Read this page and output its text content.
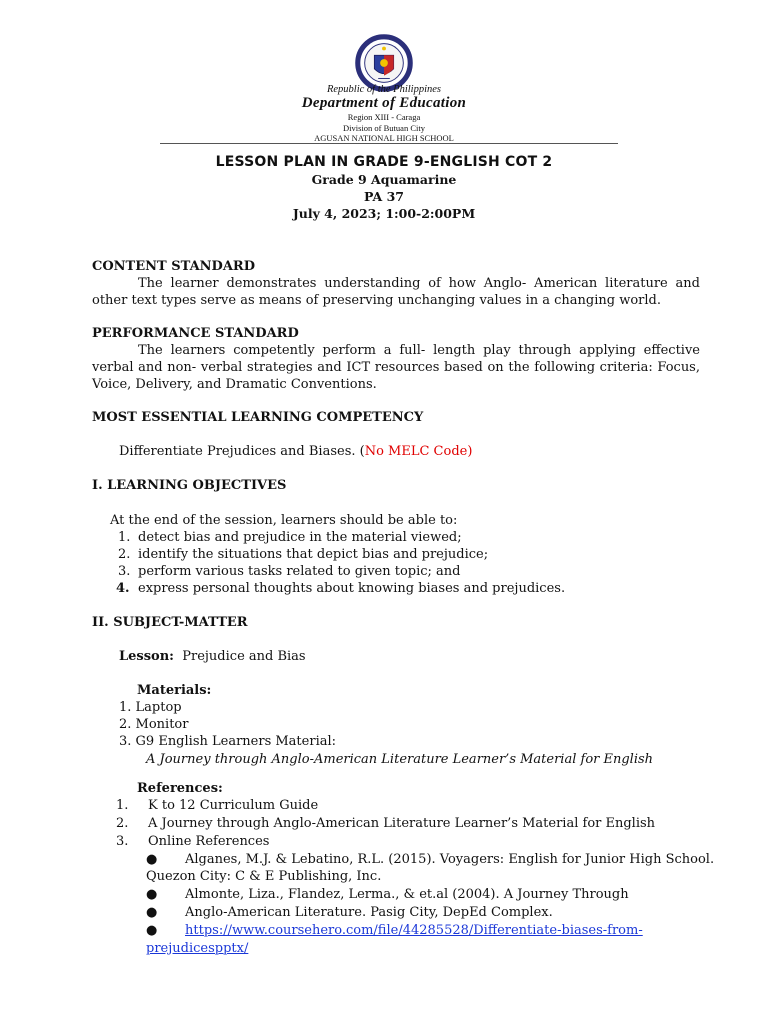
Republic of the Philippines
Department of Education
Region XIII - Caraga
Division of Butuan City
AGUSAN NATIONAL HIGH SCHOOL
LESSON PLAN IN GRADE 9-ENGLISH COT 2
Grade 9 Aquamarine
PA 37
July 4, 2023; 1:00-2:00PM
CONTENT STANDARD
The learner demonstrates understanding of how Anglo- American literature and other text types serve as means of preserving unchanging values in a changing world.
PERFORMANCE STANDARD
The learners competently perform a full- length play through applying effective verbal and non- verbal strategies and ICT resources based on the following criteria: Focus, Voice, Delivery, and Dramatic Conventions.
MOST ESSENTIAL LEARNING COMPETENCY
Differentiate Prejudices and Biases. (No MELC Code)
I. LEARNING OBJECTIVES
At the end of the session, learners should be able to:
1. detect bias and prejudice in the material viewed;
2. identify the situations that depict bias and prejudice;
3. perform various tasks related to given topic; and
4. express personal thoughts about knowing biases and prejudices.
II. SUBJECT-MATTER
Lesson: Prejudice and Bias
Materials:
1. Laptop
2. Monitor
3. G9 English Learners Material:
A Journey through Anglo-American Literature Learner’s Material for English
References:
1. K to 12 Curriculum Guide
2. A Journey through Anglo-American Literature Learner’s Material for English
3. Online References
● Alganes, M.J. & Lebatino, R.L. (2015). Voyagers: English for Junior High School.
Quezon City: C & E Publishing, Inc.
● Almonte, Liza., Flandez, Lerma., & et.al (2004). A Journey Through
● Anglo-American Literature. Pasig City, DepEd Complex.
● https://www.coursehero.com/file/44285528/Differentiate-biases-from-
prejudicespptx/
